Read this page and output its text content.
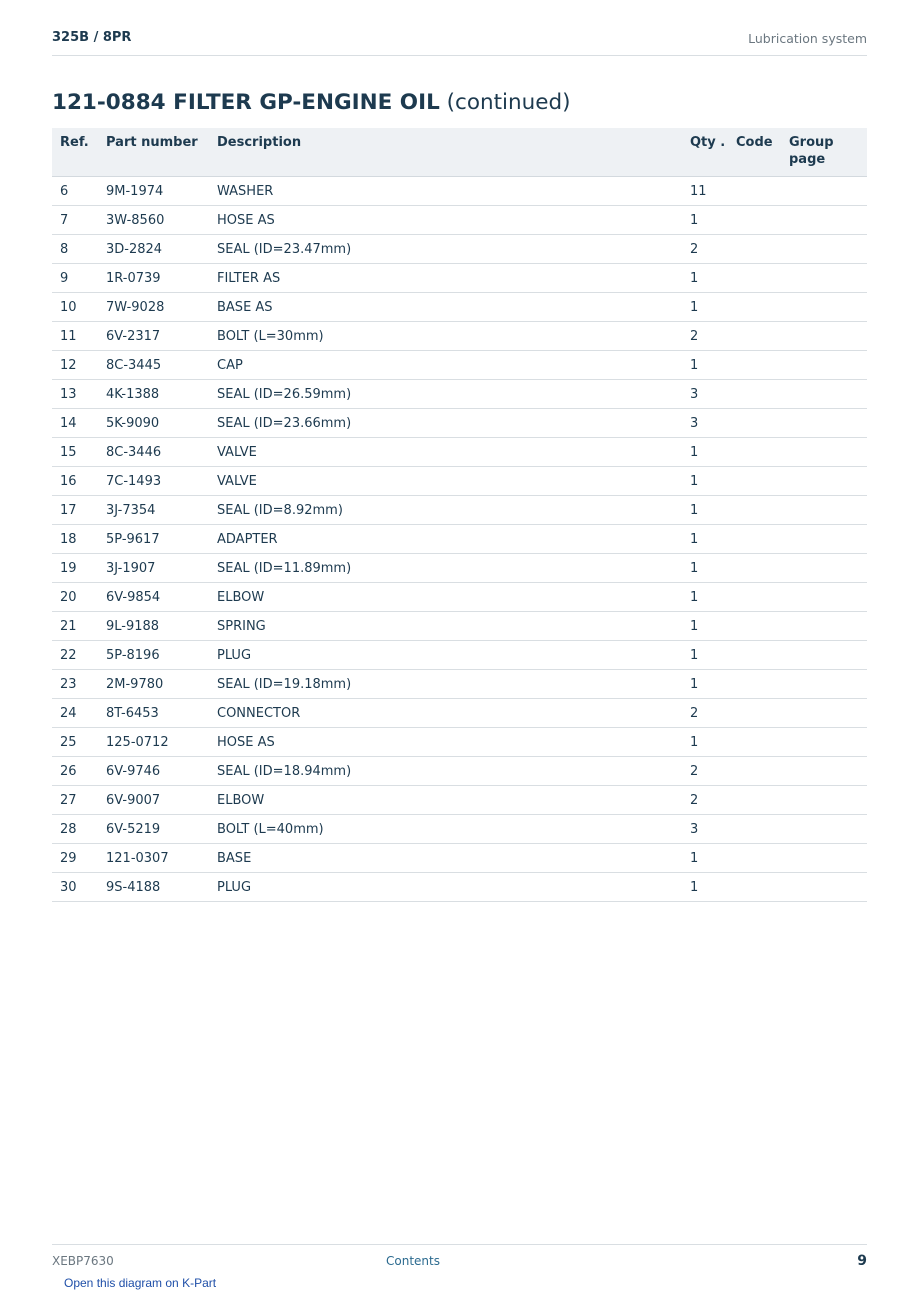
325B / 8PR	Lubrication system
121-0884 FILTER GP-ENGINE OIL (continued)
Ref.	Part number	Description	Qty .	Code	Group page
6	9M-1974	WASHER	11		
7	3W-8560	HOSE AS	1		
8	3D-2824	SEAL (ID=23.47mm)	2		
9	1R-0739	FILTER AS	1		
10	7W-9028	BASE AS	1		
11	6V-2317	BOLT (L=30mm)	2		
12	8C-3445	CAP	1		
13	4K-1388	SEAL (ID=26.59mm)	3		
14	5K-9090	SEAL (ID=23.66mm)	3		
15	8C-3446	VALVE	1		
16	7C-1493	VALVE	1		
17	3J-7354	SEAL (ID=8.92mm)	1		
18	5P-9617	ADAPTER	1		
19	3J-1907	SEAL (ID=11.89mm)	1		
20	6V-9854	ELBOW	1		
21	9L-9188	SPRING	1		
22	5P-8196	PLUG	1		
23	2M-9780	SEAL (ID=19.18mm)	1		
24	8T-6453	CONNECTOR	2		
25	125-0712	HOSE AS	1		
26	6V-9746	SEAL (ID=18.94mm)	2		
27	6V-9007	ELBOW	2		
28	6V-5219	BOLT (L=40mm)	3		
29	121-0307	BASE	1		
30	9S-4188	PLUG	1		
XEBP7630	Contents	9
Open this diagram on K-Part
